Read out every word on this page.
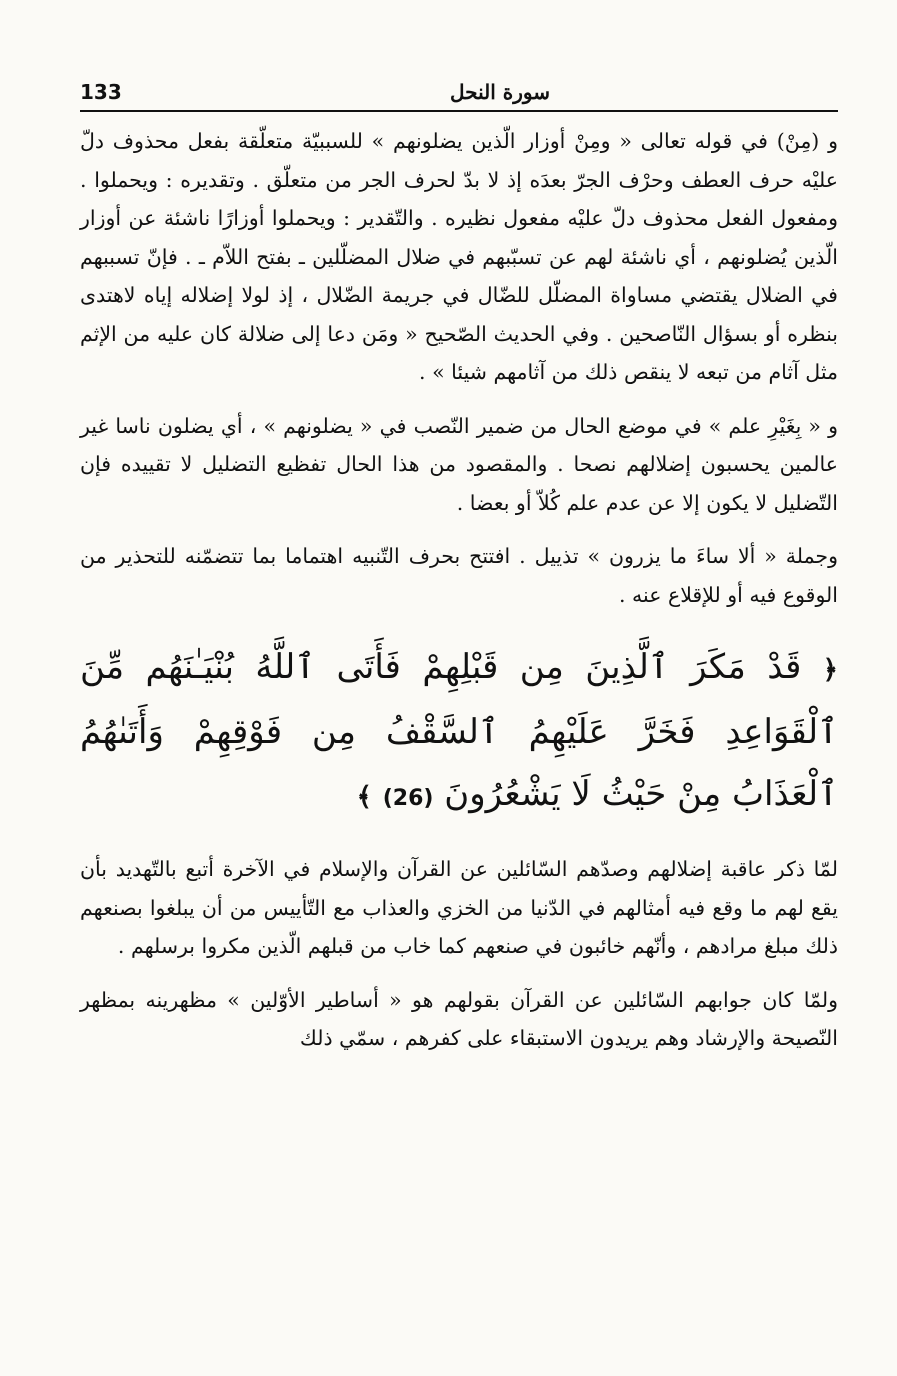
133	سورة النحل

و (مِنْ) في قوله تعالى « ومِنْ أوزار الّذين يضلونهم » للسببيّة متعلّقة بفعل محذوف دلّ عليْه حرف العطف وحرْف الجرّ بعدَه إذ لا بدّ لحرف الجر من متعلّق . وتقديره : ويحملوا . ومفعول الفعل محذوف دلّ عليْه مفعول نظيره . والتّقدير : ويحملوا أوزارًا ناشئة عن أوزار الّذين يُضلونهم ، أي ناشئة لهم عن تسبّبهم في ضلال المضلّلين ـ بفتح اللاّم ـ . فإنّ تسببهم في الضلال يقتضي مساواة المضلّل للضّال في جريمة الضّلال ، إذ لولا إضلاله إياه لاهتدى بنظره أو بسؤال النّاصحين . وفي الحديث الصّحيح « ومَن دعا إلى ضلالة كان عليه من الإثم مثل آثام من تبعه لا ينقص ذلك من آثامهم شيئا » .

و « بِغَيْرِ علم » في موضع الحال من ضمير النّصب في « يضلونهم » ، أي يضلون ناسا غير عالمين يحسبون إضلالهم نصحا . والمقصود من هذا الحال تفظيع التضليل لا تقييده فإن التّضليل لا يكون إلا عن عدم علم كُلاّ أو بعضا .

وجملة « ألا ساءَ ما يزرون » تذييل . افتتح بحرف التّنبيه اهتماما بما تتضمّنه للتحذير من الوقوع فيه أو للإقلاع عنه .

﴿ قَدْ مَكَرَ ٱلَّذِينَ مِن قَبْلِهِمْ فَأَتَى ٱللَّهُ بُنْيَـٰنَهُم مِّنَ ٱلْقَوَاعِدِ فَخَرَّ عَلَيْهِمُ ٱلسَّقْفُ مِن فَوْقِهِمْ وَأَتَىٰهُمُ ٱلْعَذَابُ مِنْ حَيْثُ لَا يَشْعُرُونَ (26) ﴾

لمّا ذكر عاقبة إضلالهم وصدّهم السّائلين عن القرآن والإسلام في الآخرة أتبع بالتّهديد بأن يقع لهم ما وقع فيه أمثالهم في الدّنيا من الخزي والعذاب مع التّأييس من أن يبلغوا بصنعهم ذلك مبلغ مرادهم ، وأنّهم خائبون في صنعهم كما خاب من قبلهم الّذين مكروا برسلهم .

ولمّا كان جوابهم السّائلين عن القرآن بقولهم هو « أساطير الأوّلين » مظهرينه بمظهر النّصيحة والإرشاد وهم يريدون الاستبقاء على كفرهم ، سمّي ذلك
